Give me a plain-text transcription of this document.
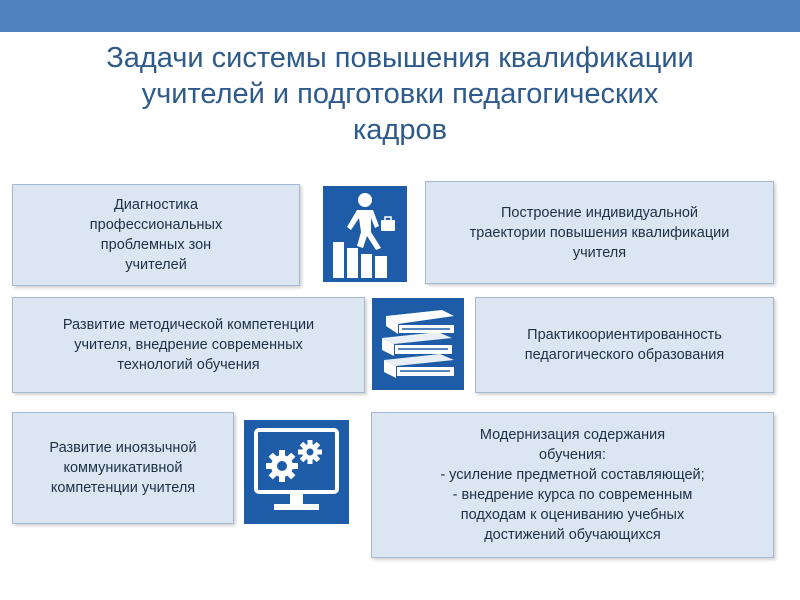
Задачи системы повышения квалификации
учителей и подготовки педагогических
кадров
Диагностика
профессиональных
проблемных зон
учителей
Построение индивидуальной
траектории повышения квалификации
учителя
Развитие методической компетенции
учителя, внедрение современных
технологий обучения
Практикоориентированность
педагогического образования
Развитие иноязычной
коммуникативной
компетенции учителя
Модернизация содержания
обучения:
- усиление предметной составляющей;
- внедрение курса по современным
подходам к оцениванию учебных
достижений обучающихся
